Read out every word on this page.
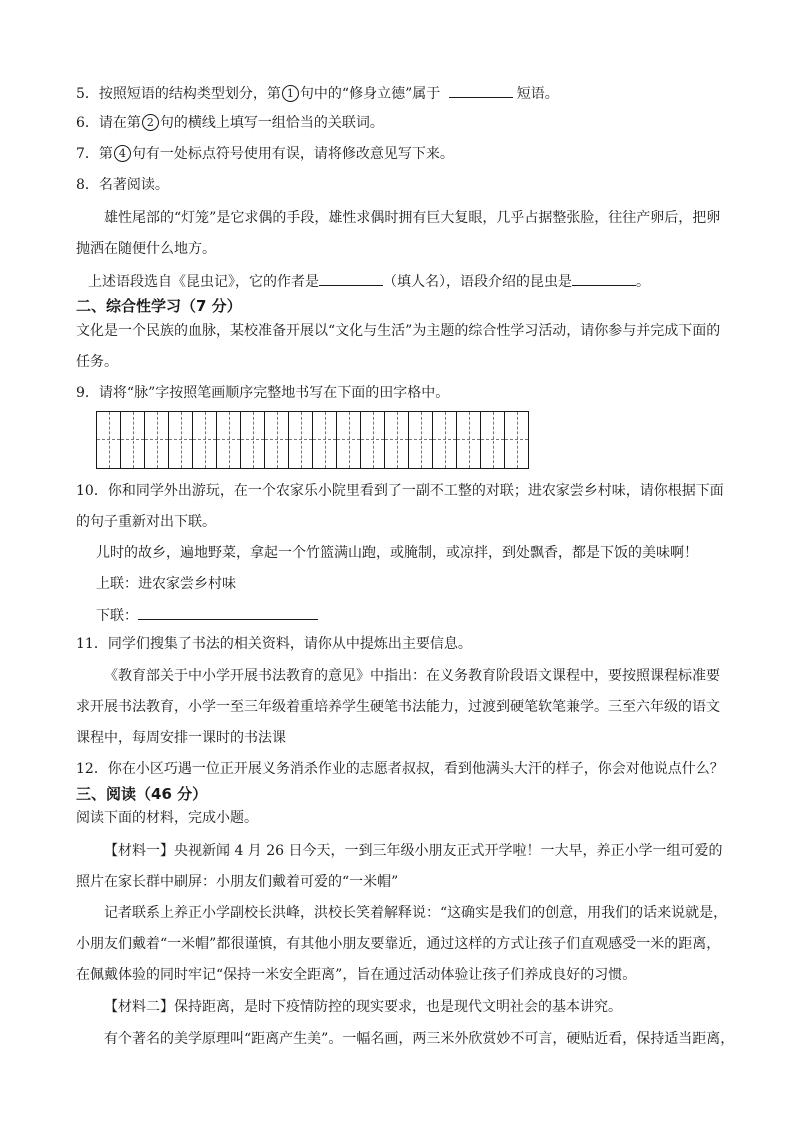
5．按照短语的结构类型划分，第 1 句中的“修身立德”属于	短语。
6．请在第 2 句的横线上填写一组恰当的关联词。
7．第 4 句有一处标点符号使用有误，请将修改意见写下来。
8．名著阅读。
雄性尾部的“灯笼”是它求偶的手段，雄性求偶时拥有巨大复眼，几乎占据整张脸，往往产卵后，把卵
抛洒在随便什么地方。
上述语段选自《昆虫记》，它的作者是	（填人名），语段介绍的昆虫是	。
二、综合性学习（7 分）
文化是一个民族的血脉，某校准备开展以“文化与生活”为主题的综合性学习活动，请你参与并完成下面的
任务。
9．请将“脉”字按照笔画顺序完整地书写在下面的田字格中。
10．你和同学外出游玩，在一个农家乐小院里看到了一副不工整的对联；进农家尝乡村味，请你根据下面
的句子重新对出下联。
儿时的故乡，遍地野菜，拿起一个竹篮满山跑，或腌制，或凉拌，到处飘香，都是下饭的美味啊！
上联：进农家尝乡村味
下联：
11．同学们搜集了书法的相关资料，请你从中提炼出主要信息。
《教育部关于中小学开展书法教育的意见》中指出：在义务教育阶段语文课程中，要按照课程标准要
求开展书法教育，小学一至三年级着重培养学生硬笔书法能力，过渡到硬笔软笔兼学。三至六年级的语文
课程中，每周安排一课时的书法课
12．你在小区巧遇一位正开展义务消杀作业的志愿者叔叔，看到他满头大汗的样子，你会对他说点什么？
三、阅读（46 分）
阅读下面的材料，完成小题。
【材料一】央视新闻 4 月 26 日今天，一到三年级小朋友正式开学啦！一大早，养正小学一组可爱的
照片在家长群中刷屏：小朋友们戴着可爱的“一米帽”
记者联系上养正小学副校长洪峰，洪校长笑着解释说：“这确实是我们的创意，用我们的话来说就是，
小朋友们戴着“一米帽”都很谨慎，有其他小朋友要靠近，通过这样的方式让孩子们直观感受一米的距离，
在佩戴体验的同时牢记“保持一米安全距离”，旨在通过活动体验让孩子们养成良好的习惯。
【材料二】保持距离，是时下疫情防控的现实要求，也是现代文明社会的基本讲究。
有个著名的美学原理叫“距离产生美”。一幅名画，两三米外欣赏妙不可言，硬贴近看，保持适当距离，
